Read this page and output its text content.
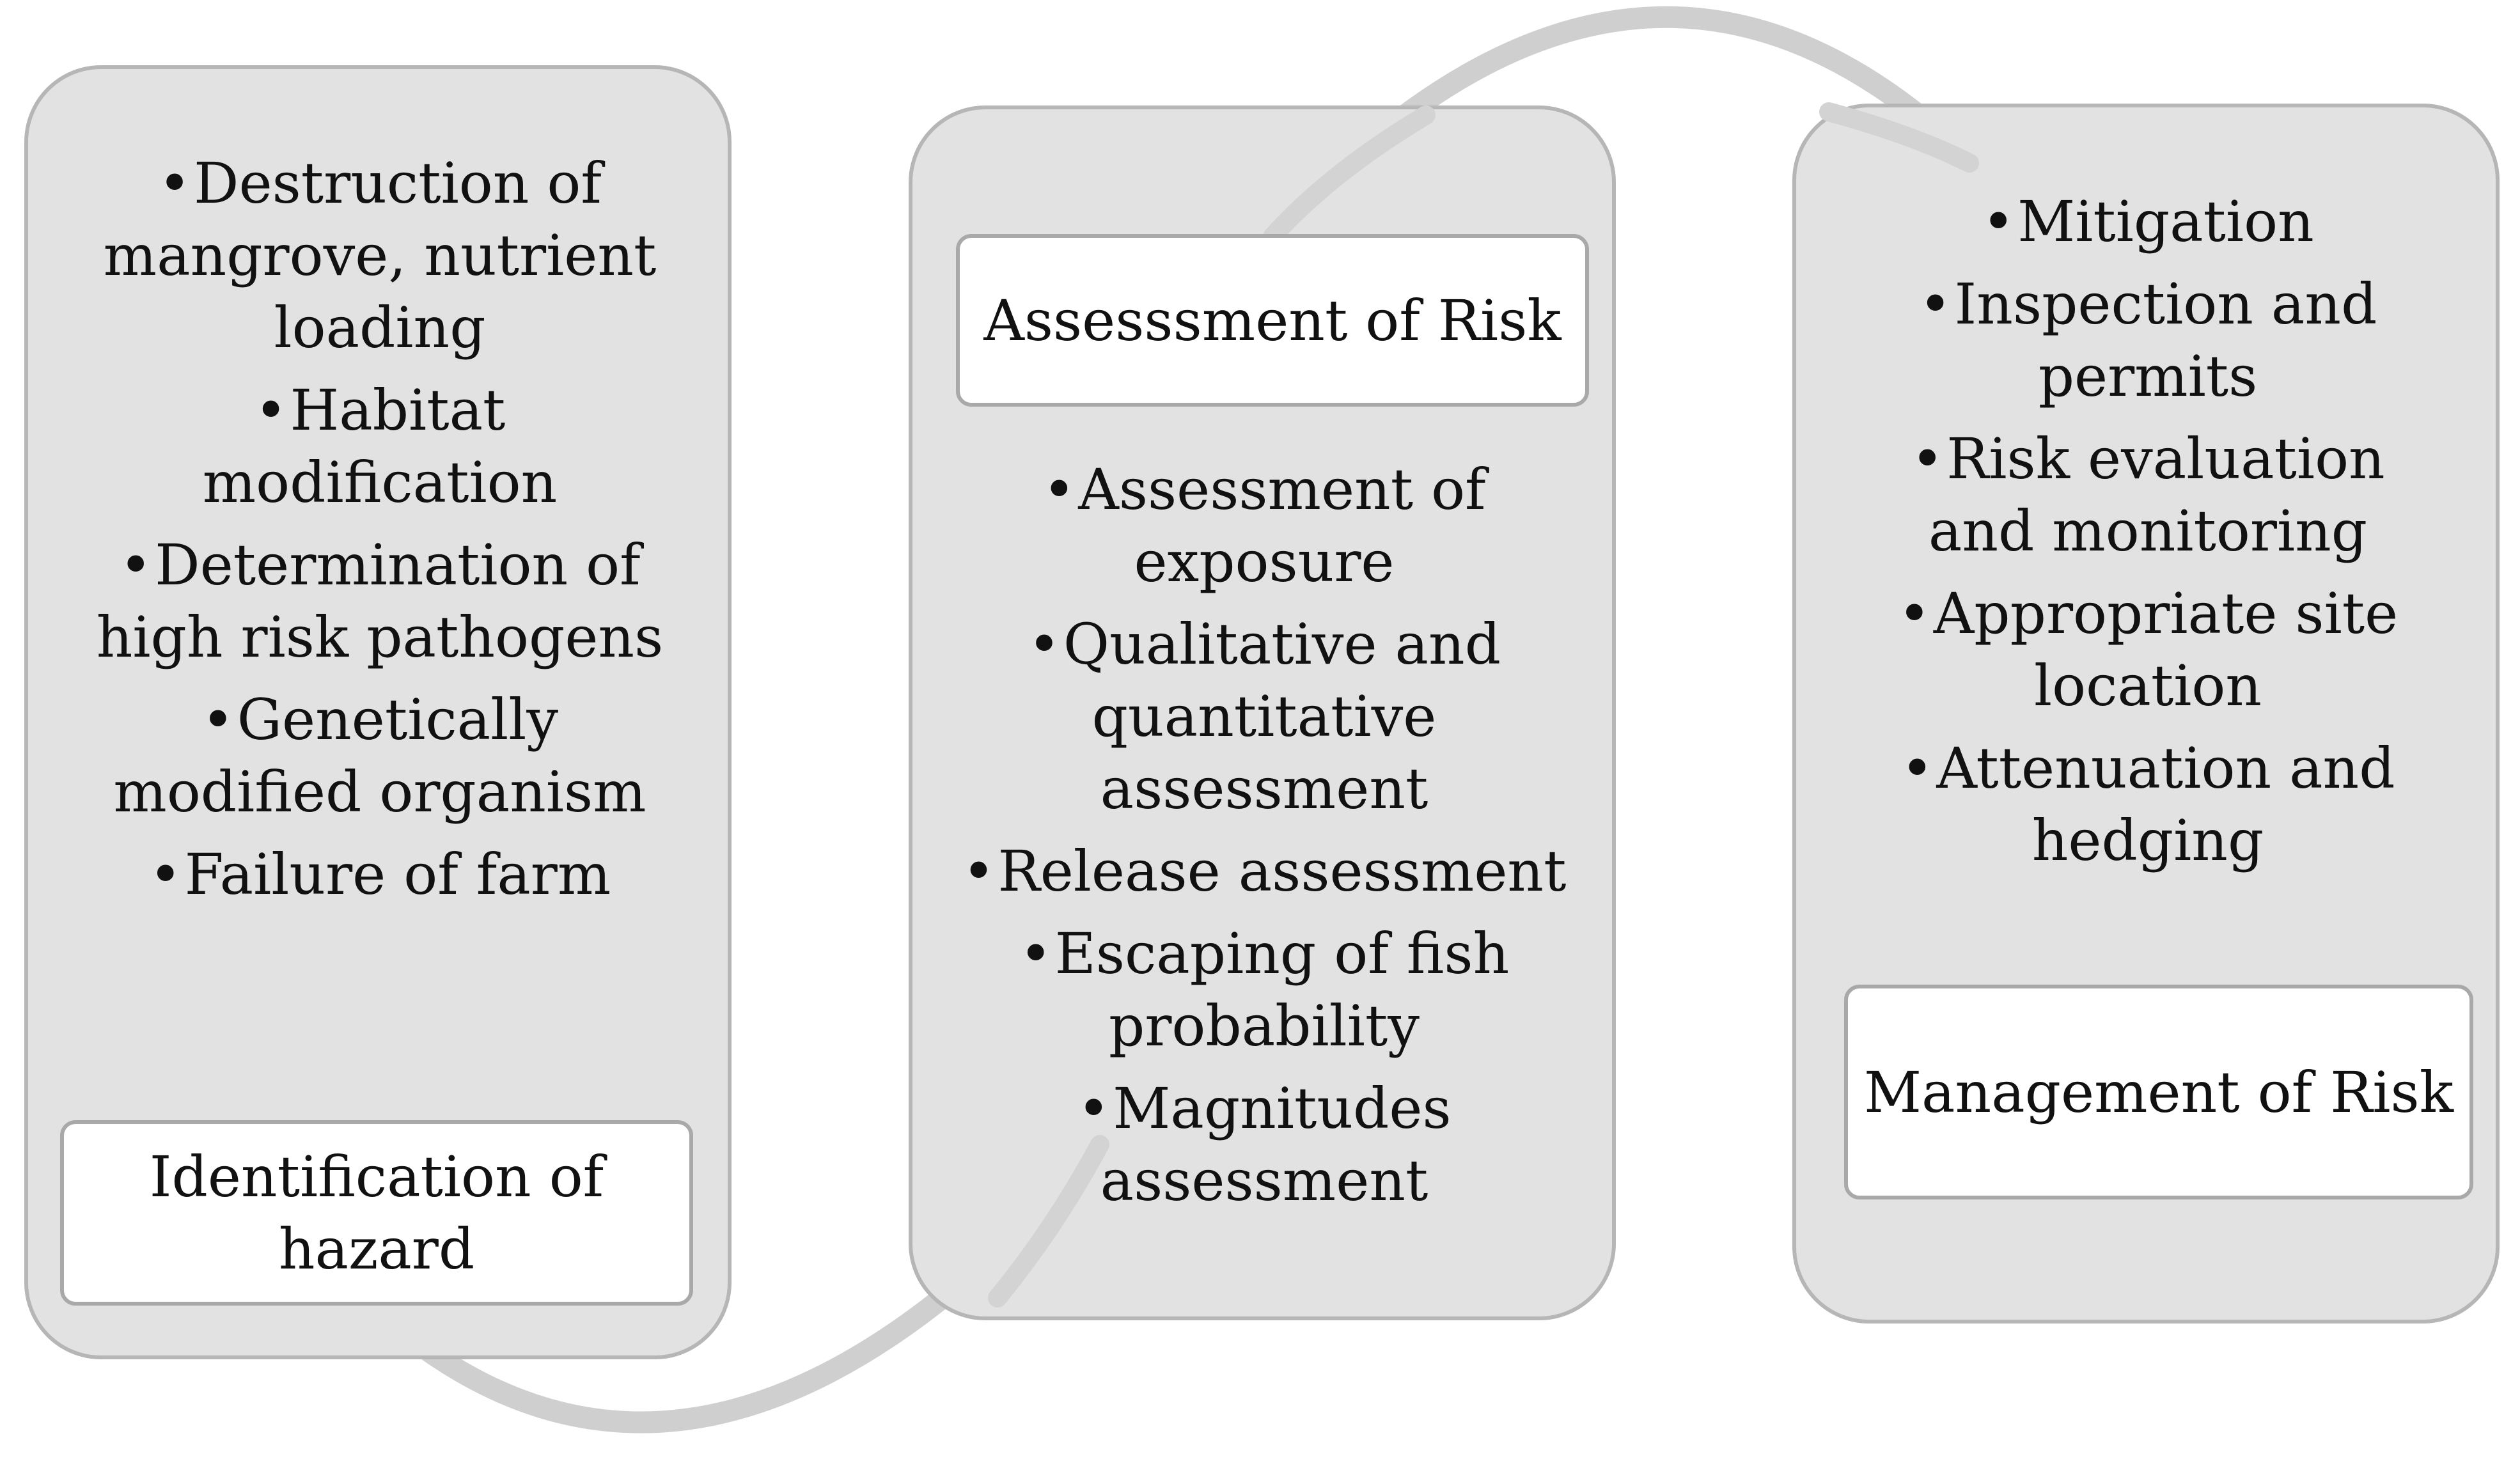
• Destruction of mangrove, nutrient loading
• Habitat modification
• Determination of high risk pathogens
• Genetically modified organism
• Failure of farm
• Assessment of exposure
• Qualitative and quantitative assessment
• Release assessment
• Escaping of fish probability
• Magnitudes assessment
• Mitigation
• Inspection and permits
• Risk evaluation and monitoring
• Appropriate site location
• Attenuation and hedging
Identification of hazard
Assesssment of Risk
Management of Risk
